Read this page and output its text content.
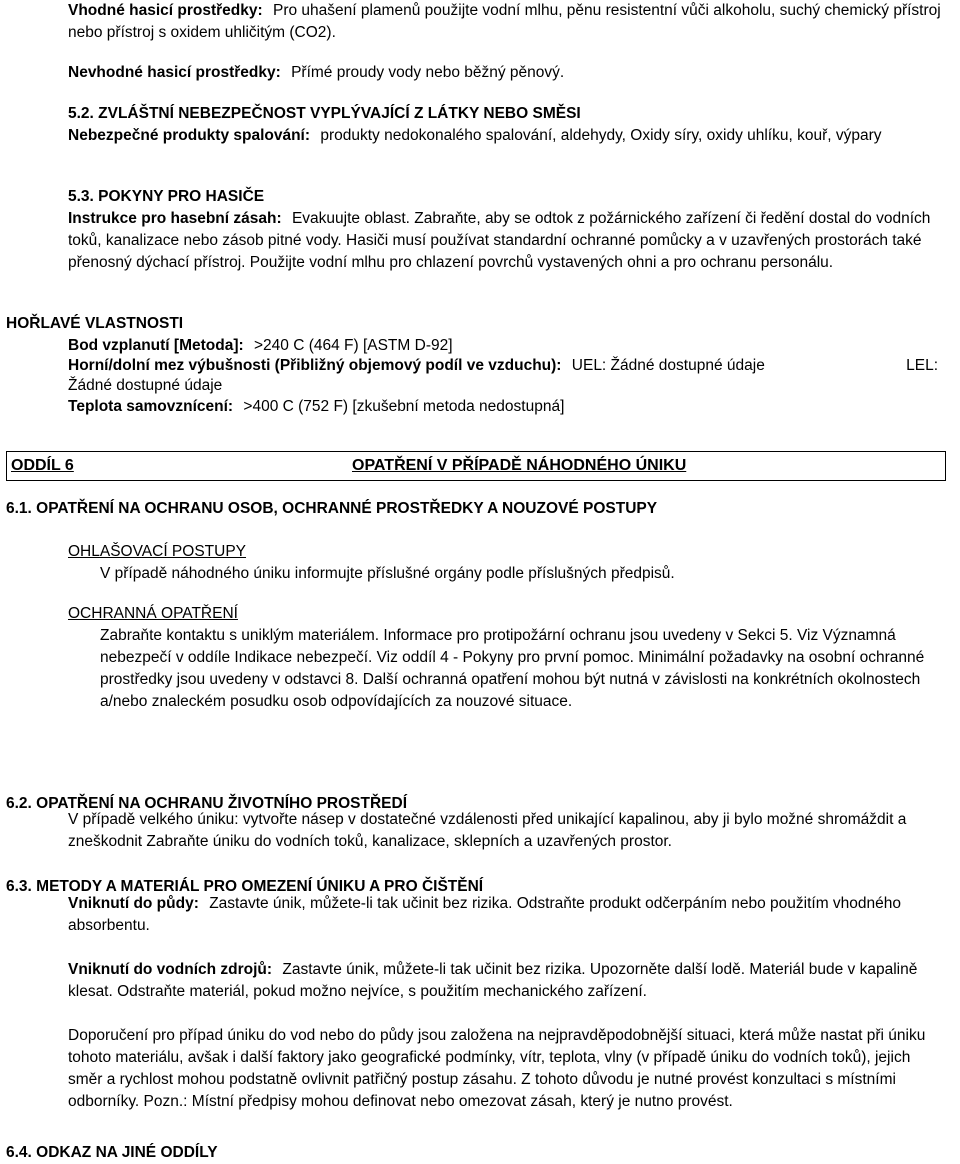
Vhodné hasicí prostředky: Pro uhašení plamenů použijte vodní mlhu, pěnu resistentní vůči alkoholu, suchý chemický přístroj nebo přístroj s oxidem uhličitým (CO2).
Nevhodné hasicí prostředky: Přímé proudy vody nebo běžný pěnový.
5.2. ZVLÁŠTNÍ NEBEZPEČNOST VYPLÝVAJÍCÍ Z LÁTKY NEBO SMĚSI
Nebezpečné produkty spalování: produkty nedokonalého spalování, aldehydy, Oxidy síry, oxidy uhlíku, kouř, výpary
5.3. POKYNY PRO HASIČE
Instrukce pro hasební zásah: Evakuujte oblast. Zabraňte, aby se odtok z požárnického zařízení či ředění dostal do vodních toků, kanalizace nebo zásob pitné vody. Hasiči musí používat standardní ochranné pomůcky a v uzavřených prostorách také přenosný dýchací přístroj. Použijte vodní mlhu pro chlazení povrchů vystavených ohni a pro ochranu personálu.
HOŘLAVÉ VLASTNOSTI
Bod vzplanutí [Metoda]: >240 C (464 F) [ASTM D-92]
Horní/dolní mez výbušnosti (Přibližný objemový podíl ve vzduchu): UEL: Žádné dostupné údaje	LEL:
Žádné dostupné údaje
Teplota samovznícení: >400 C (752 F) [zkušební metoda nedostupná]
ODDÍL 6	OPATŘENÍ V PŘÍPADĚ NÁHODNÉHO ÚNIKU
6.1. OPATŘENÍ NA OCHRANU OSOB, OCHRANNÉ PROSTŘEDKY A NOUZOVÉ POSTUPY
OHLAŠOVACÍ POSTUPY
V případě náhodného úniku informujte příslušné orgány podle příslušných předpisů.
OCHRANNÁ OPATŘENÍ
Zabraňte kontaktu s uniklým materiálem. Informace pro protipožární ochranu jsou uvedeny v Sekci 5. Viz Významná nebezpečí v oddíle Indikace nebezpečí. Viz oddíl 4 - Pokyny pro první pomoc. Minimální požadavky na osobní ochranné prostředky jsou uvedeny v odstavci 8. Další ochranná opatření mohou být nutná v závislosti na konkrétních okolnostech a/nebo znaleckém posudku osob odpovídajících za nouzové situace.
6.2. OPATŘENÍ NA OCHRANU ŽIVOTNÍHO PROSTŘEDÍ
V případě velkého úniku: vytvořte násep v dostatečné vzdálenosti před unikající kapalinou, aby ji bylo možné shromáždit a zneškodnit Zabraňte úniku do vodních toků, kanalizace, sklepních a uzavřených prostor.
6.3. METODY A MATERIÁL PRO OMEZENÍ ÚNIKU A PRO ČIŠTĚNÍ
Vniknutí do půdy: Zastavte únik, můžete-li tak učinit bez rizika. Odstraňte produkt odčerpáním nebo použitím vhodného absorbentu.
Vniknutí do vodních zdrojů: Zastavte únik, můžete-li tak učinit bez rizika. Upozorněte další lodě. Materiál bude v kapalině klesat. Odstraňte materiál, pokud možno nejvíce, s použitím mechanického zařízení.
Doporučení pro případ úniku do vod nebo do půdy jsou založena na nejpravděpodobnější situaci, která může nastat při úniku tohoto materiálu, avšak i další faktory jako geografické podmínky, vítr, teplota, vlny (v případě úniku do vodních toků), jejich směr a rychlost mohou podstatně ovlivnit patřičný postup zásahu. Z tohoto důvodu je nutné provést konzultaci s místními odborníky. Pozn.: Místní předpisy mohou definovat nebo omezovat zásah, který je nutno provést.
6.4. ODKAZ NA JINÉ ODDÍLY
